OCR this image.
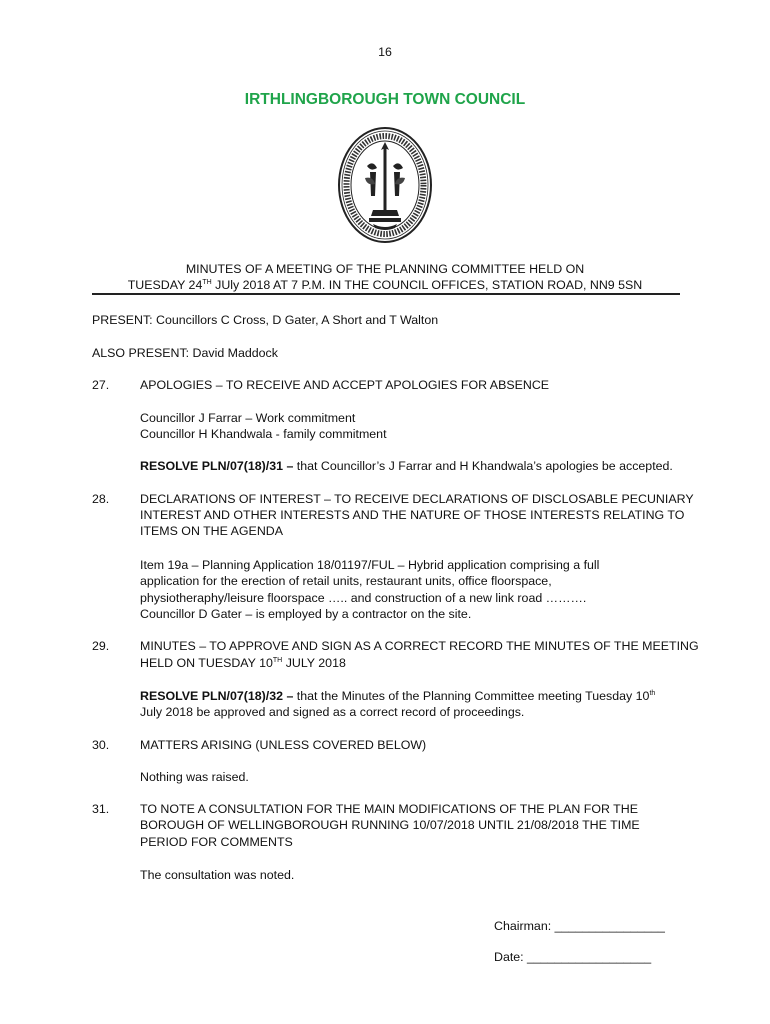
16
IRTHLINGBOROUGH TOWN COUNCIL
MINUTES OF A MEETING OF THE PLANNING COMMITTEE HELD ON
TUESDAY 24TH JUly 2018 AT 7 P.M. IN THE COUNCIL OFFICES, STATION ROAD, NN9 5SN
PRESENT: Councillors C Cross, D Gater, A Short and T Walton
ALSO PRESENT: David Maddock
27. APOLOGIES – TO RECEIVE AND ACCEPT APOLOGIES FOR ABSENCE
Councillor J Farrar – Work commitment
Councillor H Khandwala - family commitment
RESOLVE PLN/07(18)/31 – that Councillor’s J Farrar and H Khandwala’s apologies be accepted.
28. DECLARATIONS OF INTEREST – TO RECEIVE DECLARATIONS OF DISCLOSABLE PECUNIARY
INTEREST AND OTHER INTERESTS AND THE NATURE OF THOSE INTERESTS RELATING TO
ITEMS ON THE AGENDA
Item 19a – Planning Application 18/01197/FUL – Hybrid application comprising a full
application for the erection of retail units, restaurant units, office floorspace,
physiotheraphy/leisure floorspace ….. and construction of a new link road ……….
Councillor D Gater – is employed by a contractor on the site.
29. MINUTES – TO APPROVE AND SIGN AS A CORRECT RECORD THE MINUTES OF THE MEETING
HELD ON TUESDAY 10TH JULY 2018
RESOLVE PLN/07(18)/32 – that the Minutes of the Planning Committee meeting Tuesday 10th
July 2018 be approved and signed as a correct record of proceedings.
30. MATTERS ARISING (UNLESS COVERED BELOW)
Nothing was raised.
31. TO NOTE A CONSULTATION FOR THE MAIN MODIFICATIONS OF THE PLAN FOR THE
BOROUGH OF WELLINGBOROUGH RUNNING 10/07/2018 UNTIL 21/08/2018 THE TIME
PERIOD FOR COMMENTS
The consultation was noted.
Chairman: ________________
Date: __________________
